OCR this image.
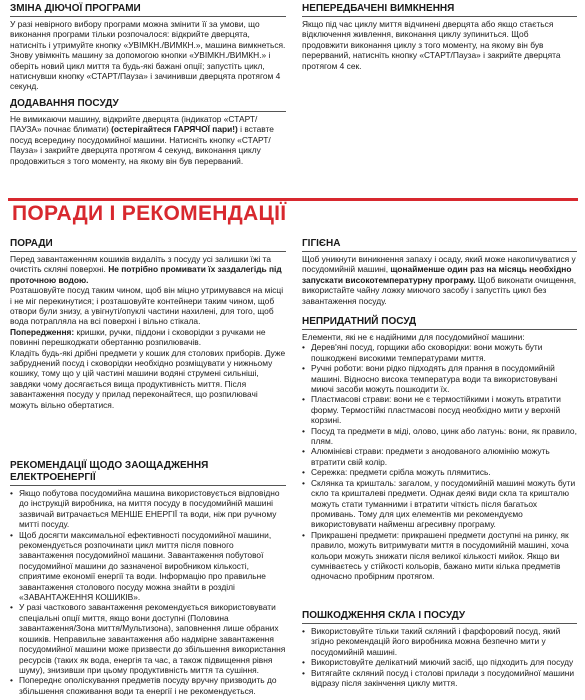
ЗМІНА ДІЮЧОЇ ПРОГРАМИ
У разі невірного вибору програми можна змінити її за умови, що виконання програми тільки розпочалося: відкрийте дверцята, натисніть і утримуйте кнопку «УВІМКН./ВИМКН.», машина вимкнеться. Знову увімкніть машину за допомогою кнопки «УВІМКН./ВИМКН.» і оберіть новий цикл миття та будь-які бажані опції; запустіть цикл, натиснувши кнопку «СТАРТ/Пауза» і зачинивши дверцята протягом 4 секунд.
ДОДАВАННЯ ПОСУДУ
Не вимикаючи машину, відкрийте дверцята (індикатор «СТАРТ/ПАУЗА» почнає блимати) (остерігайтеся ГАРЯЧОЇ пари!) і вставте посуд всередину посудомийної машини. Натисніть кнопку «СТАРТ/Пауза» і закрийте дверцята протягом 4 секунд, виконання циклу продовжиться з того моменту, на якому він був перерваний.
НЕПЕРЕДБАЧЕНІ ВИМКНЕННЯ
Якщо під час циклу миття відчинені дверцята або якщо стається відключення живлення, виконання циклу зупиниться. Щоб продовжити виконання циклу з того моменту, на якому він був перерваний, натисніть кнопку «СТАРТ/Пауза» і закрийте дверцята протягом 4 сек.
ПОРАДИ І РЕКОМЕНДАЦІЇ
ПОРАДИ
Перед завантаженням кошиків видаліть з посуду усі залишки їжі та очистіть склянi поверхні. Не потрібно промивати їх заздалегідь під проточною водою.
Розташовуйте посуд таким чином, щоб він міцно утримувався на місці і не міг перекинутися; і розташовуйте контейнери таким чином, щоб отвори були знизу, а увігнуті/опуклі частини нахилені, для того, щоб вода потрапляла на всі поверхні і вільно стікала.
Попередження: кришки, ручки, піддони і сковорідки з ручками не повинні перешкоджати обертанню розпилювачів.
Кладіть будь-які дрібні предмети у кошик для столових приборів. Дуже забруднений посуд і сковорідки необхідно розміщувати у нижньому кошику, тому що у цій частині машини водяні струмені сильніші, завдяки чому досягається вища продуктивність миття. Після завантаження посуду у прилад переконайтеся, що розпилювачі можуть вільно обертатися.
РЕКОМЕНДАЦІЇ ЩОДО ЗАОЩАДЖЕННЯ ЕЛЕКТРОЕНЕРГІЇ
• Якщо побутова посудомийна машина використовується відповідно до інструкцій виробника, на миття посуду в посудомийній машині зазвичай витрачається МЕНШЕ ЕНЕРГІЇ та води, ніж при ручному митті посуду.
• Щоб досягти максимальної ефективності посудомийної машини, рекомендується розпочинати цикл миття після повного завантаження посудомийної машини. Завантаження побутової посудомийної машини до зазначеної виробником кількості, сприятиме економії енергії та води. Інформацію про правильне завантаження столового посуду можна знайти в розділі «ЗАВАНТАЖЕННЯ КОШИКІВ».
• У разі часткового завантаження рекомендується використовувати спеціальні опції миття, якщо вони доступні (Половина завантаження/Зона миття/Мультизона), заповнення лише обраних кошиків. Неправильне завантаження або надмірне завантаження посудомийної машини може призвести до збільшення використання ресурсів (таких як вода, енергія та час, а також підвищення рівня шуму), знизивши при цьому продуктивність миття та сушіння.
• Попереднє ополіскування предметів посуду вручну призводить до збільшення споживання води та енергії і не рекомендується.
ГІГІЄНА
Щоб уникнути виникнення запаху і осаду, який може накопичуватися у посудомийній машині, щонайменше один раз на місяць необхідно запускати високотемпературну програму. Щоб виконати очищення, використайте чайну ложку миючого засобу і запустіть цикл без завантаження посуду.
НЕПРИДАТНИЙ ПОСУД
Елементи, які не є надійними для посудомийної машини:
• Дерев'яні посуд, горщики або сковорідки: вони можуть бути пошкоджені високими температурами миття.
• Ручні роботи: вони рідко підходять для прання в посудомийній машині. Відносно висока температура води та використовувані миючі засоби можуть пошкодити їх.
• Пластмасові страви: вони не є термостійкими і можуть втратити форму. Термостійкі пластмасові посуд необхідно мити у верхній корзині.
• Посуд та предмети в міді, олово, цинк або латунь: вони, як правило, плям.
• Алюмінієві страви: предмети з анодованого алюмінію можуть втратити свій колір.
• Сережка: предмети срібла можуть плямитись.
• Склянка та кришталь: загалом, у посудомийній машині можуть бути скло та кришталеві предмети. Однак деякі види скла та кришталю можуть стати туманними і втратити чіткість після багатьох промивань. Тому для цих елементів ми рекомендуємо використовувати найменш агресивну програму.
• Прикрашені предмети: прикрашені предмети доступні на ринку, як правило, можуть витримувати миття в посудомийній машині, хоча кольори можуть знижати після великої кількості мийок. Якщо ви сумніваєтесь у стійкості кольорів, бажано мити кілька предметів одночасно пробірним протягом.
ПОШКОДЖЕННЯ СКЛА І ПОСУДУ
• Використовуйте тільки такий скляний і фарфоровий посуд, який згідно рекомендацій його виробника можна безпечно мити у посудомийній машині.
• Використовуйте делікатний миючий засіб, що підходить для посуду
• Витягайте скляний посуд і столові прилади з посудомийної машини відразу після закінчення циклу миття.
